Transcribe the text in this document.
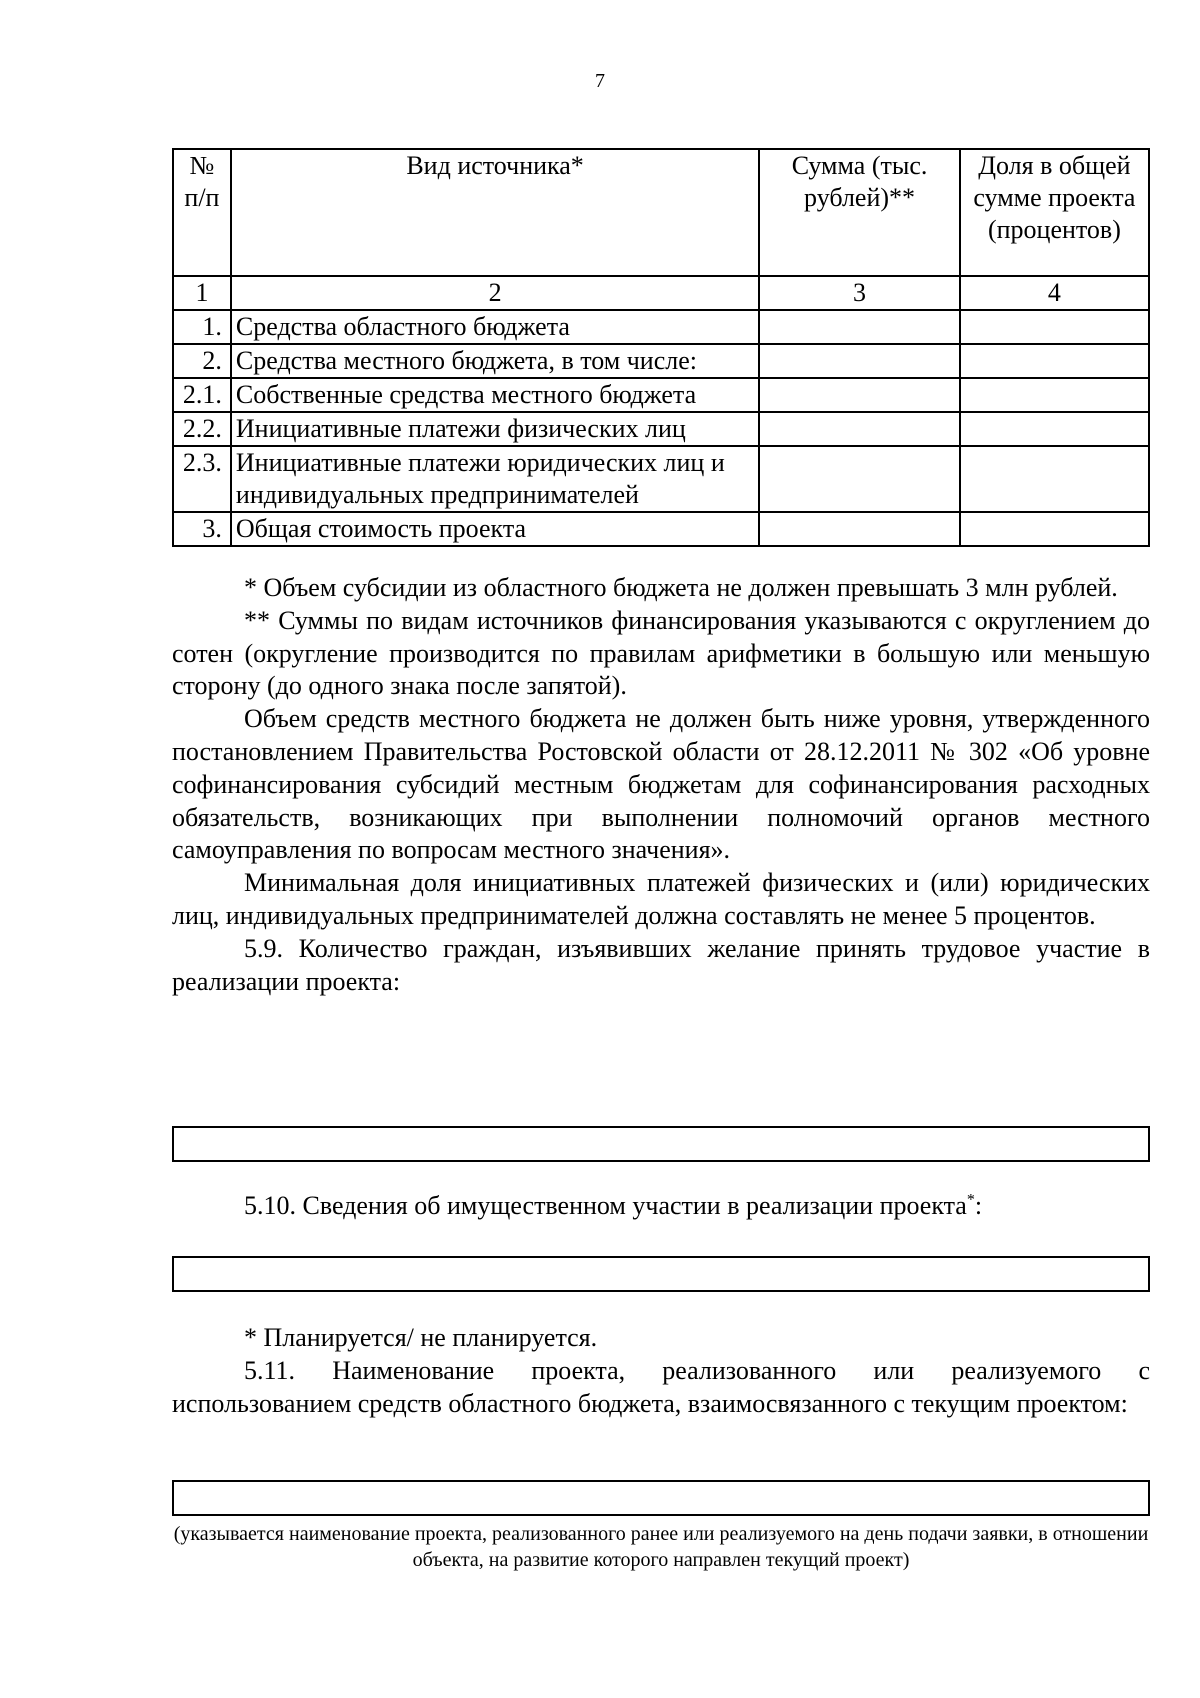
7
№ п/п	Вид источника*	Сумма (тыс. рублей)**	Доля в общей сумме проекта (процентов)
1	2	3	4
1.	Средства областного бюджета		
2.	Средства местного бюджета, в том числе:		
2.1.	Собственные средства местного бюджета		
2.2.	Инициативные платежи физических лиц		
2.3.	Инициативные платежи юридических лиц и индивидуальных предпринимателей		
3.	Общая стоимость проекта		

* Объем субсидии из областного бюджета не должен превышать 3 млн рублей.

** Суммы по видам источников финансирования указываются с округлением до сотен (округление производится по правилам арифметики в большую или меньшую сторону (до одного знака после запятой).

Объем средств местного бюджета не должен быть ниже уровня, утвержденного постановлением Правительства Ростовской области от 28.12.2011 № 302 «Об уровне софинансирования субсидий местным бюджетам для софинансирования расходных обязательств, возникающих при выполнении полномочий органов местного самоуправления по вопросам местного значения».

Минимальная доля инициативных платежей физических и (или) юридических лиц, индивидуальных предпринимателей должна составлять не менее 5 процентов.

5.9. Количество граждан, изъявивших желание принять трудовое участие в реализации проекта:

5.10. Сведения об имущественном участии в реализации проекта*:

* Планируется/ не планируется.

5.11. Наименование проекта, реализованного или реализуемого с использованием средств областного бюджета, взаимосвязанного с текущим проектом:

(указывается наименование проекта, реализованного ранее или реализуемого на день подачи заявки, в отношении объекта, на развитие которого направлен текущий проект)
